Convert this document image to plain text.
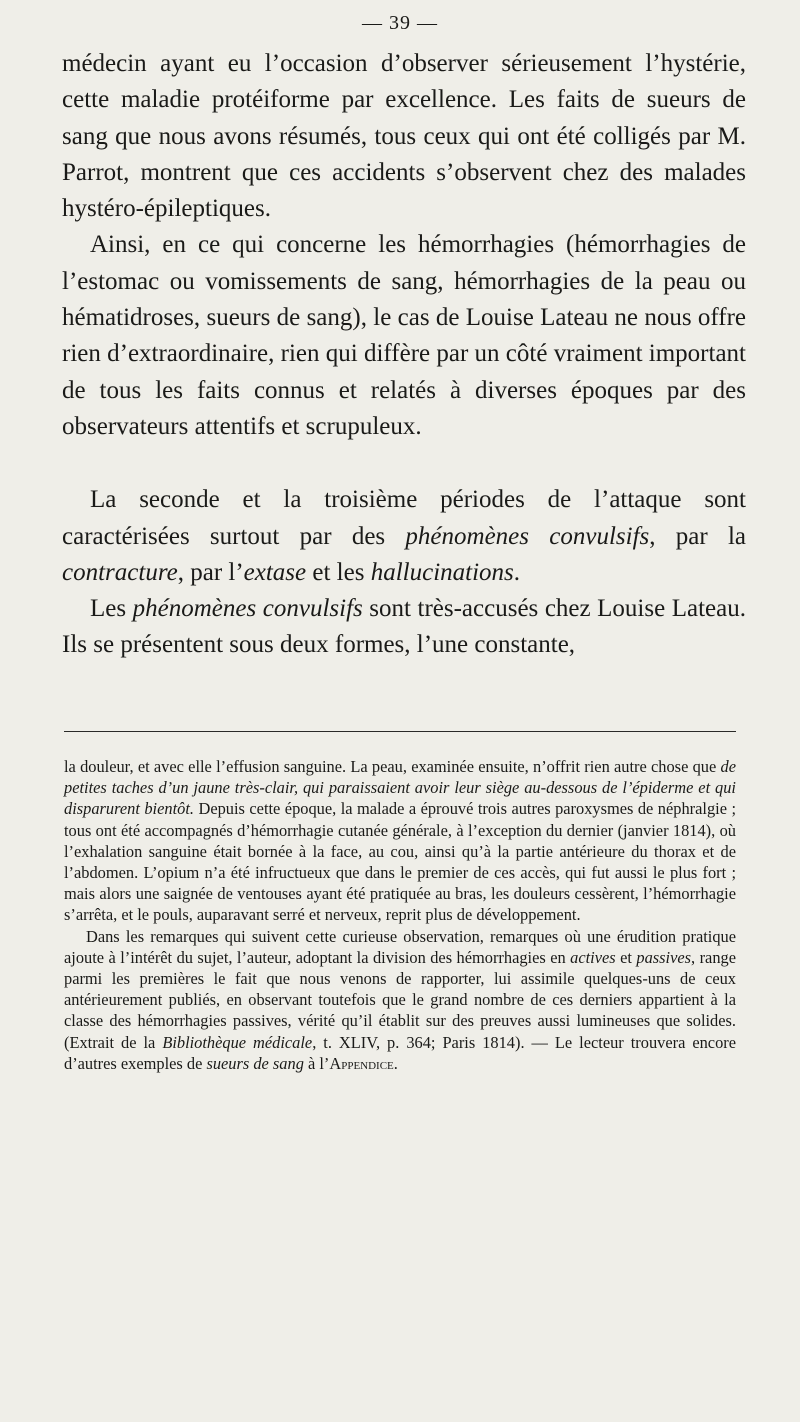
— 39 —

médecin ayant eu l’occasion d’observer sérieusement l’hystérie, cette maladie protéiforme par excellence. Les faits de sueurs de sang que nous avons résumés, tous ceux qui ont été colligés par M. Parrot, montrent que ces accidents s’observent chez des malades hystéro-épileptiques.

Ainsi, en ce qui concerne les hémorrhagies (hémorrhagies de l’estomac ou vomissements de sang, hémorrhagies de la peau ou hématidroses, sueurs de sang), le cas de Louise Lateau ne nous offre rien d’extraordinaire, rien qui diffère par un côté vraiment important de tous les faits connus et relatés à diverses époques par des observateurs attentifs et scrupuleux.

La seconde et la troisième périodes de l’attaque sont caractérisées surtout par des phénomènes convulsifs, par la contracture, par l’extase et les hallucinations.

Les phénomènes convulsifs sont très-accusés chez Louise Lateau. Ils se présentent sous deux formes, l’une constante,

la douleur, et avec elle l’effusion sanguine. La peau, examinée ensuite, n’offrit rien autre chose que de petites taches d’un jaune très-clair, qui paraissaient avoir leur siège au-dessous de l’épiderme et qui disparurent bientôt. Depuis cette époque, la malade a éprouvé trois autres paroxysmes de néphralgie ; tous ont été accompagnés d’hémorrhagie cutanée générale, à l’exception du dernier (janvier 1814), où l’exhalation sanguine était bornée à la face, au cou, ainsi qu’à la partie antérieure du thorax et de l’abdomen. L’opium n’a été infructueux que dans le premier de ces accès, qui fut aussi le plus fort ; mais alors une saignée de ventouses ayant été pratiquée au bras, les douleurs cessèrent, l’hémorrhagie s’arrêta, et le pouls, auparavant serré et nerveux, reprit plus de développement.

Dans les remarques qui suivent cette curieuse observation, remarques où une érudition pratique ajoute à l’intérêt du sujet, l’auteur, adoptant la division des hémorrhagies en actives et passives, range parmi les premières le fait que nous venons de rapporter, lui assimile quelques-uns de ceux antérieurement publiés, en observant toutefois que le grand nombre de ces derniers appartient à la classe des hémorrhagies passives, vérité qu’il établit sur des preuves aussi lumineuses que solides. (Extrait de la Bibliothèque médicale, t. XLIV, p. 364; Paris 1814). — Le lecteur trouvera encore d’autres exemples de sueurs de sang à l’Appendice.
